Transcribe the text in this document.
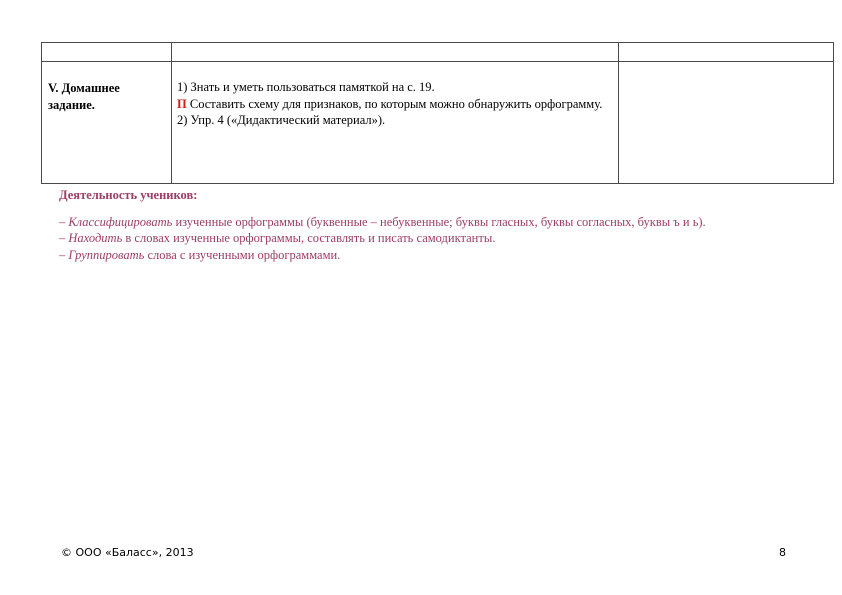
V. Домашнее задание.	1) Знать и уметь пользоваться памяткой на с. 19.

П Составить схему для признаков, по которым можно обнаружить орфограмму.

2) Упр. 4 («Дидактический материал»).	

Деятельность учеников:

– Классифицировать изученные орфограммы (буквенные – небуквенные; буквы гласных, буквы согласных, буквы ъ и ь).

– Находить в словах изученные орфограммы, составлять и писать самодиктанты.

– Группировать слова с изученными орфограммами.

© ООО «Баласс», 2013	8
